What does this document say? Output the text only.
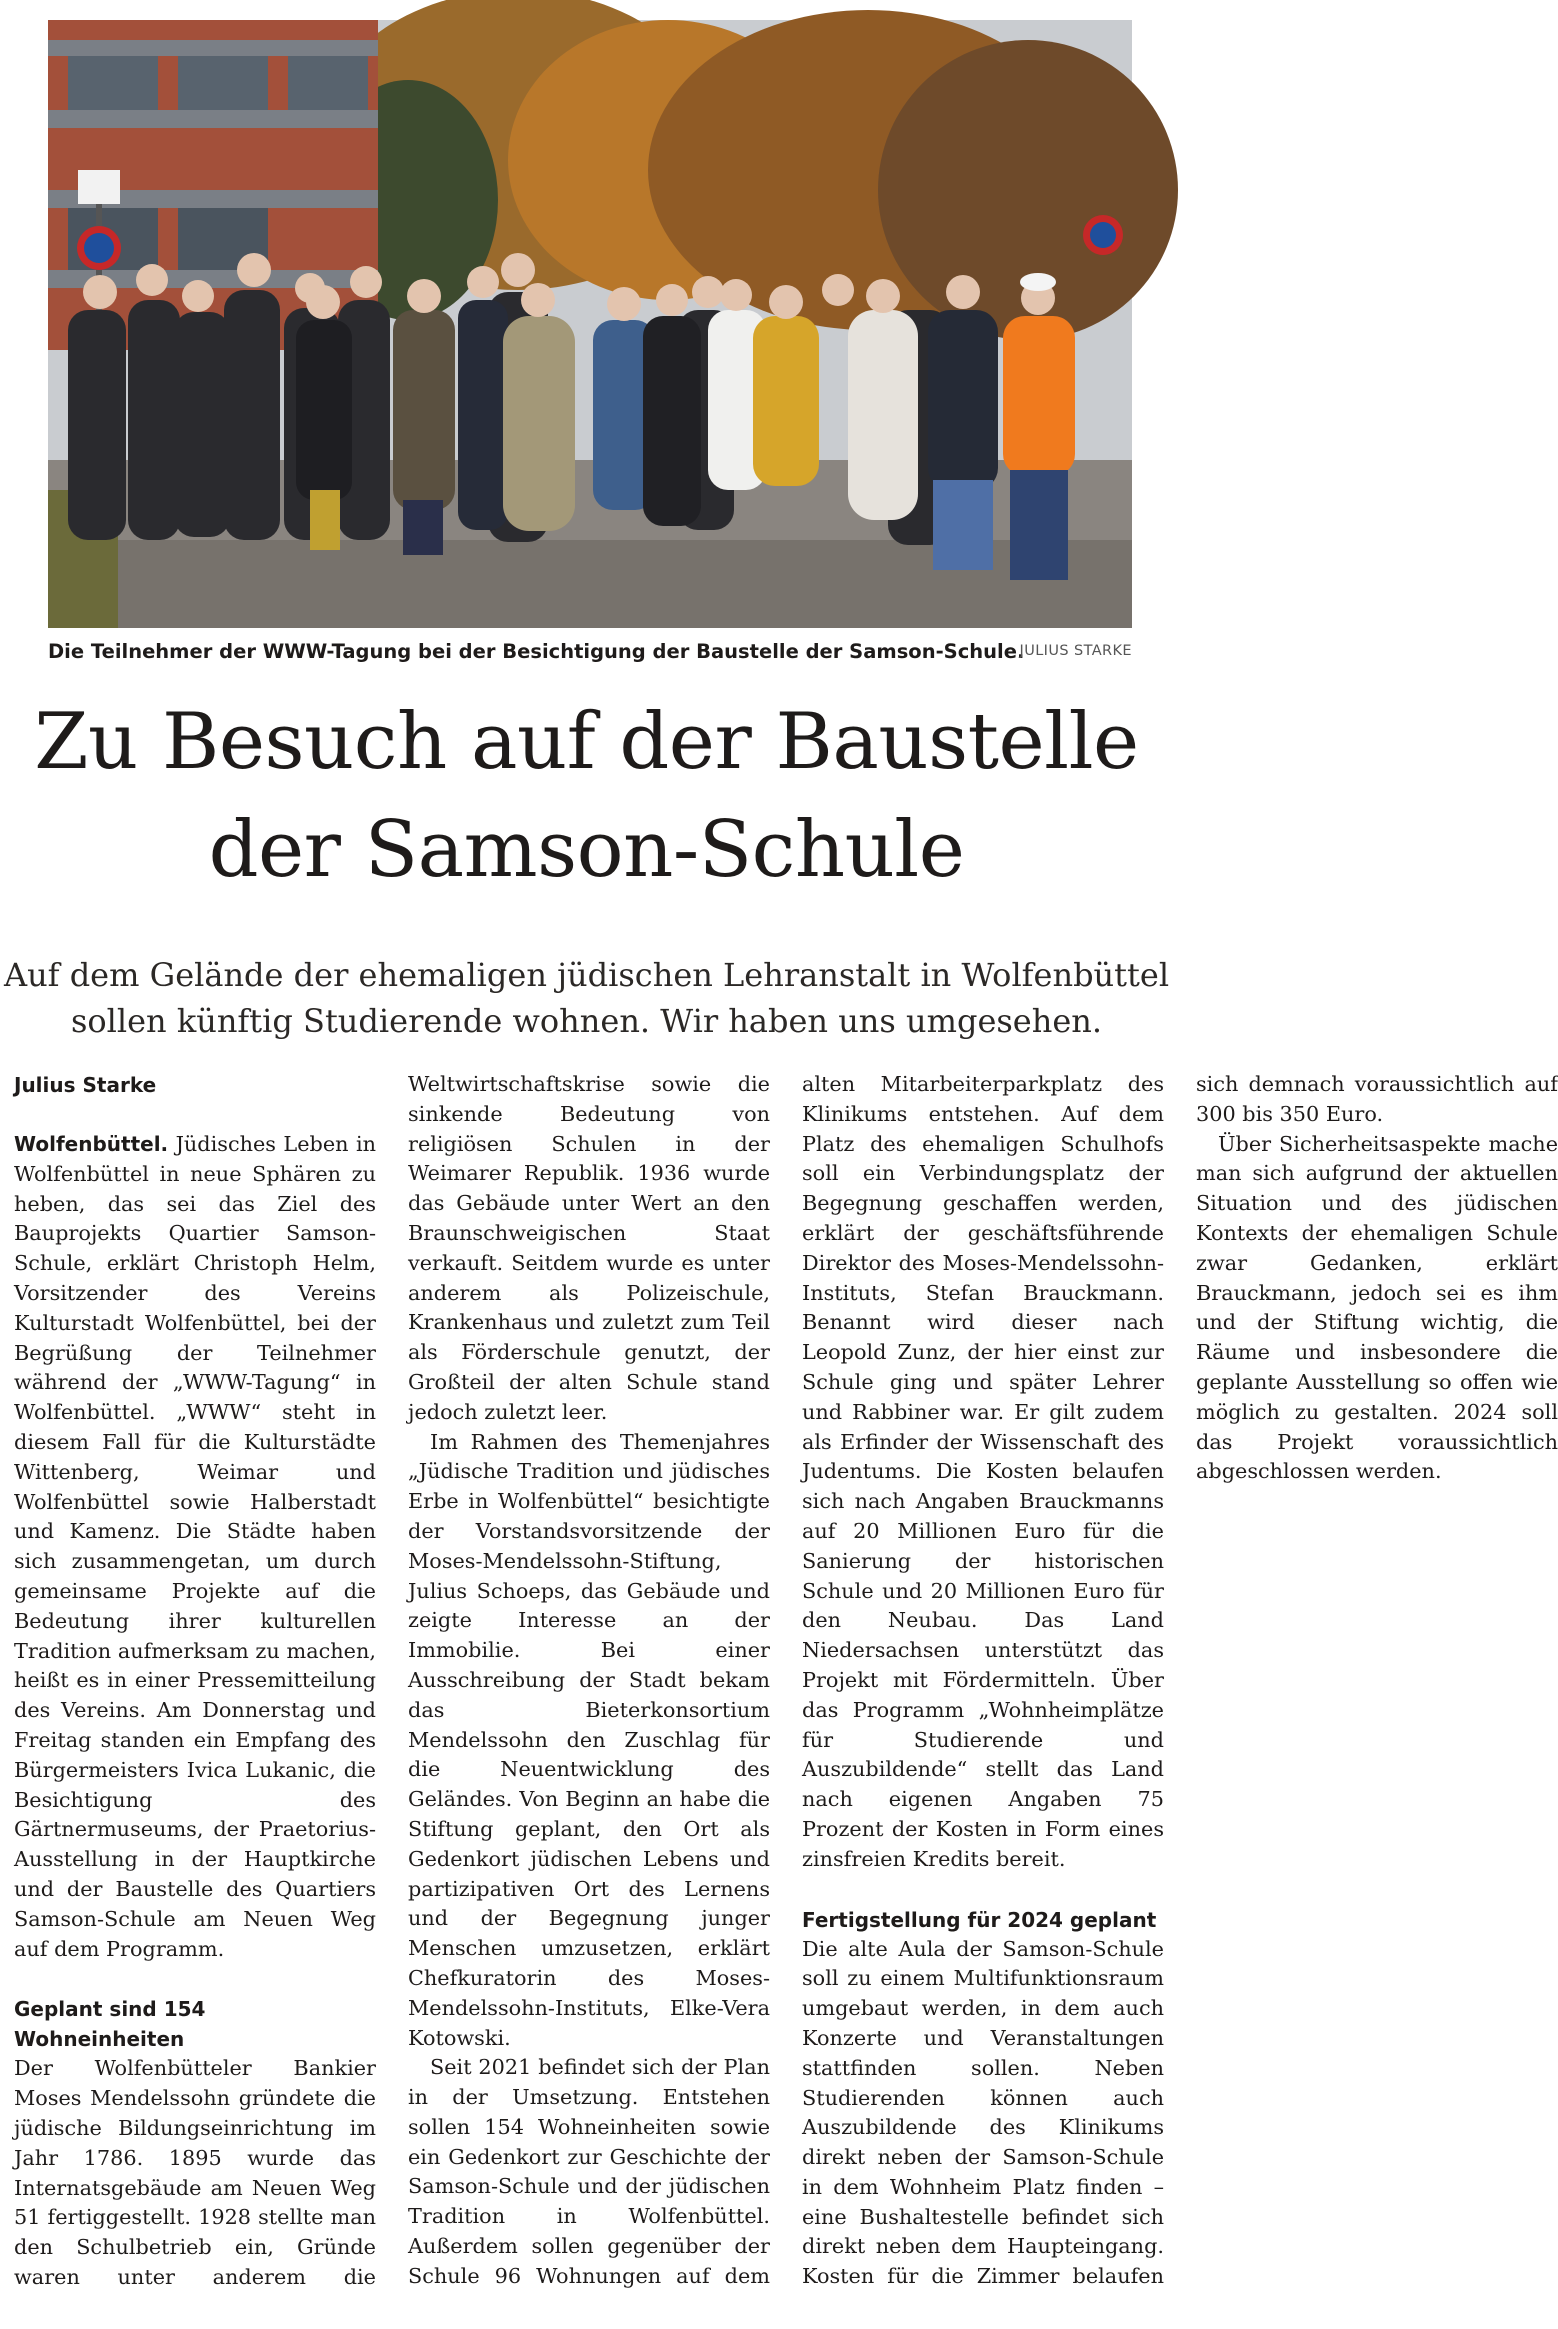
Die Teilnehmer der WWW-Tagung bei der Besichtigung der Baustelle der Samson-Schule.
JULIUS STARKE
Zu Besuch auf der Baustelle
der Samson-Schule

Auf dem Gelände der ehemaligen jüdischen Lehranstalt in Wolfenbüttel
sollen künftig Studierende wohnen. Wir haben uns umgesehen.

Julius Starke

Wolfenbüttel. Jüdisches Leben in Wolfenbüttel in neue Sphären zu heben, das sei das Ziel des Bauprojekts Quartier Samson-Schule, erklärt Christoph Helm, Vorsitzender des Vereins Kulturstadt Wolfenbüttel, bei der Begrüßung der Teilnehmer während der „WWW-Tagung“ in Wolfenbüttel. „WWW“ steht in diesem Fall für die Kulturstädte Wittenberg, Weimar und Wolfenbüttel sowie Halberstadt und Kamenz. Die Städte haben sich zusammengetan, um durch gemeinsame Projekte auf die Bedeutung ihrer kulturellen Tradition aufmerksam zu machen, heißt es in einer Pressemitteilung des Vereins. Am Donnerstag und Freitag standen ein Empfang des Bürgermeisters Ivica Lukanic, die Besichtigung des Gärtnermuseums, der Praetorius-Ausstellung in der Hauptkirche und der Baustelle des Quartiers Samson-Schule am Neuen Weg auf dem Programm.

Geplant sind 154 Wohneinheiten

Der Wolfenbütteler Bankier Moses Mendelssohn gründete die jüdische Bildungseinrichtung im Jahr 1786. 1895 wurde das Internatsgebäude am Neuen Weg 51 fertiggestellt. 1928 stellte man den Schulbetrieb ein, Gründe waren unter anderem die Weltwirtschaftskrise sowie die sinkende Bedeutung von religiösen Schulen in der Weimarer Republik. 1936 wurde das Gebäude unter Wert an den Braunschweigischen Staat verkauft. Seitdem wurde es unter anderem als Polizeischule, Krankenhaus und zuletzt zum Teil als Förderschule genutzt, der Großteil der alten Schule stand jedoch zuletzt leer.

Im Rahmen des Themenjahres „Jüdische Tradition und jüdisches Erbe in Wolfenbüttel“ besichtigte der Vorstandsvorsitzende der Moses-Mendelssohn-Stiftung, Julius Schoeps, das Gebäude und zeigte Interesse an der Immobilie. Bei einer Ausschreibung der Stadt bekam das Bieterkonsortium Mendelssohn den Zuschlag für die Neuentwicklung des Geländes. Von Beginn an habe die Stiftung geplant, den Ort als Gedenkort jüdischen Lebens und partizipativen Ort des Lernens und der Begegnung junger Menschen umzusetzen, erklärt Chefkuratorin des Moses-Mendelssohn-Instituts, Elke-Vera Kotowski.

Seit 2021 befindet sich der Plan in der Umsetzung. Entstehen sollen 154 Wohneinheiten sowie ein Gedenkort zur Geschichte der Samson-Schule und der jüdischen Tradition in Wolfenbüttel. Außerdem sollen gegenüber der Schule 96 Wohnungen auf dem alten Mitarbeiterparkplatz des Klinikums entstehen. Auf dem Platz des ehemaligen Schulhofs soll ein Verbindungsplatz der Begegnung geschaffen werden, erklärt der geschäftsführende Direktor des Moses-Mendelssohn-Instituts, Stefan Brauckmann. Benannt wird dieser nach Leopold Zunz, der hier einst zur Schule ging und später Lehrer und Rabbiner war. Er gilt zudem als Erfinder der Wissenschaft des Judentums. Die Kosten belaufen sich nach Angaben Brauckmanns auf 20 Millionen Euro für die Sanierung der historischen Schule und 20 Millionen Euro für den Neubau. Das Land Niedersachsen unterstützt das Projekt mit Fördermitteln. Über das Programm „Wohnheimplätze für Studierende und Auszubildende“ stellt das Land nach eigenen Angaben 75 Prozent der Kosten in Form eines zinsfreien Kredits bereit.

Fertigstellung für 2024 geplant

Die alte Aula der Samson-Schule soll zu einem Multifunktionsraum umgebaut werden, in dem auch Konzerte und Veranstaltungen stattfinden sollen. Neben Studierenden können auch Auszubildende des Klinikums direkt neben der Samson-Schule in dem Wohnheim Platz finden – eine Bushaltestelle befindet sich direkt neben dem Haupteingang. Kosten für die Zimmer belaufen sich demnach voraussichtlich auf 300 bis 350 Euro.

Über Sicherheitsaspekte mache man sich aufgrund der aktuellen Situation und des jüdischen Kontexts der ehemaligen Schule zwar Gedanken, erklärt Brauckmann, jedoch sei es ihm und der Stiftung wichtig, die Räume und insbesondere die geplante Ausstellung so offen wie möglich zu gestalten. 2024 soll das Projekt voraussichtlich abgeschlossen werden.
